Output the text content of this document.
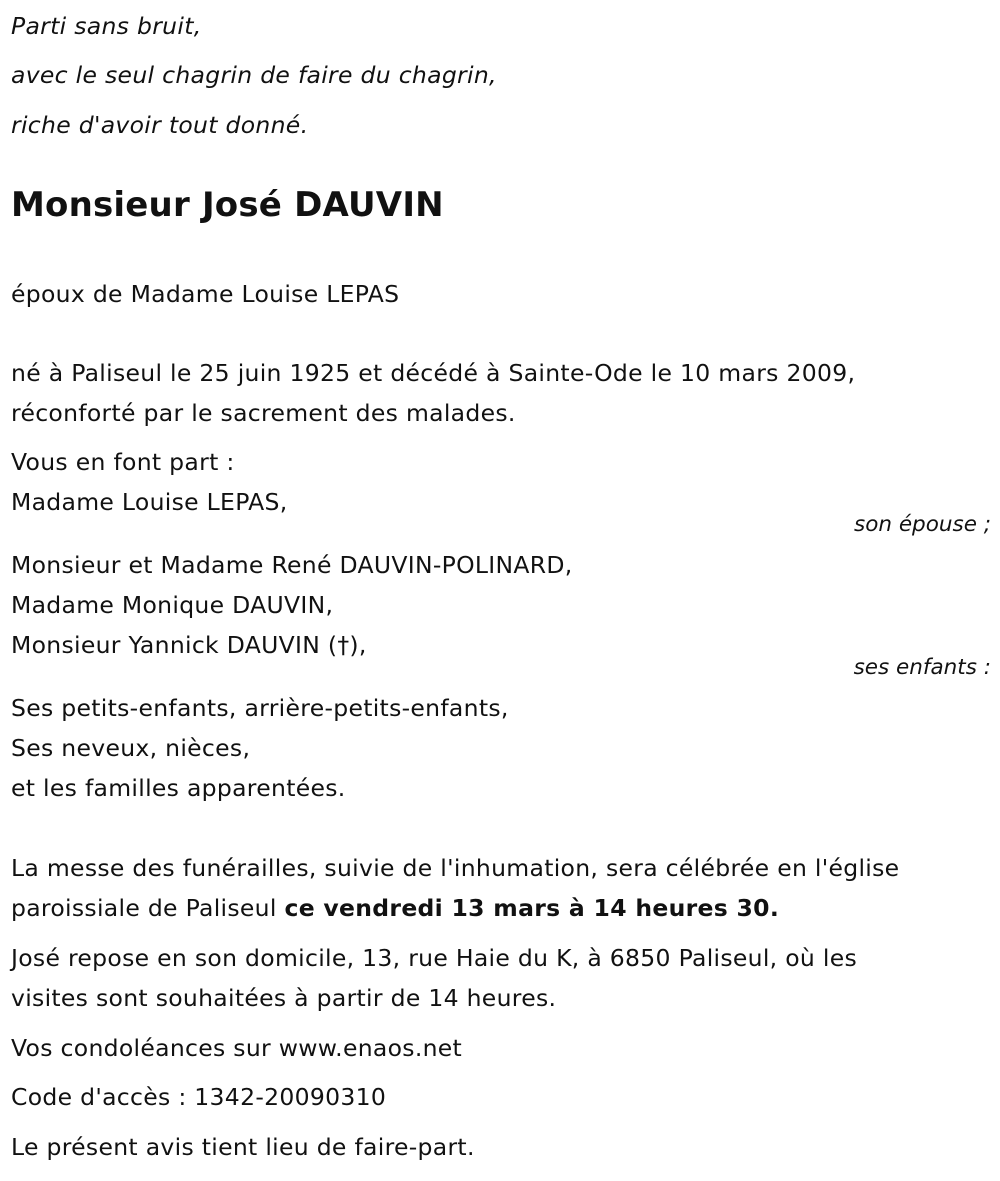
Parti sans bruit,
avec le seul chagrin de faire du chagrin,
riche d'avoir tout donné.
Monsieur José DAUVIN
époux de Madame Louise LEPAS
né à Paliseul le 25 juin 1925 et décédé à Sainte-Ode le 10 mars 2009,
réconforté par le sacrement des malades.
Vous en font part :
Madame Louise LEPAS,
son épouse ;
Monsieur et Madame René DAUVIN-POLINARD,
Madame Monique DAUVIN,
Monsieur Yannick DAUVIN (†),
ses enfants :
Ses petits-enfants, arrière-petits-enfants,
Ses neveux, nièces,
et les familles apparentées.
La messe des funérailles, suivie de l'inhumation, sera célébrée en l'église
paroissiale de Paliseul ce vendredi 13 mars à 14 heures 30.
José repose en son domicile, 13, rue Haie du K, à 6850 Paliseul, où les
visites sont souhaitées à partir de 14 heures.
Vos condoléances sur www.enaos.net
Code d'accès : 1342-20090310
Le présent avis tient lieu de faire-part.
